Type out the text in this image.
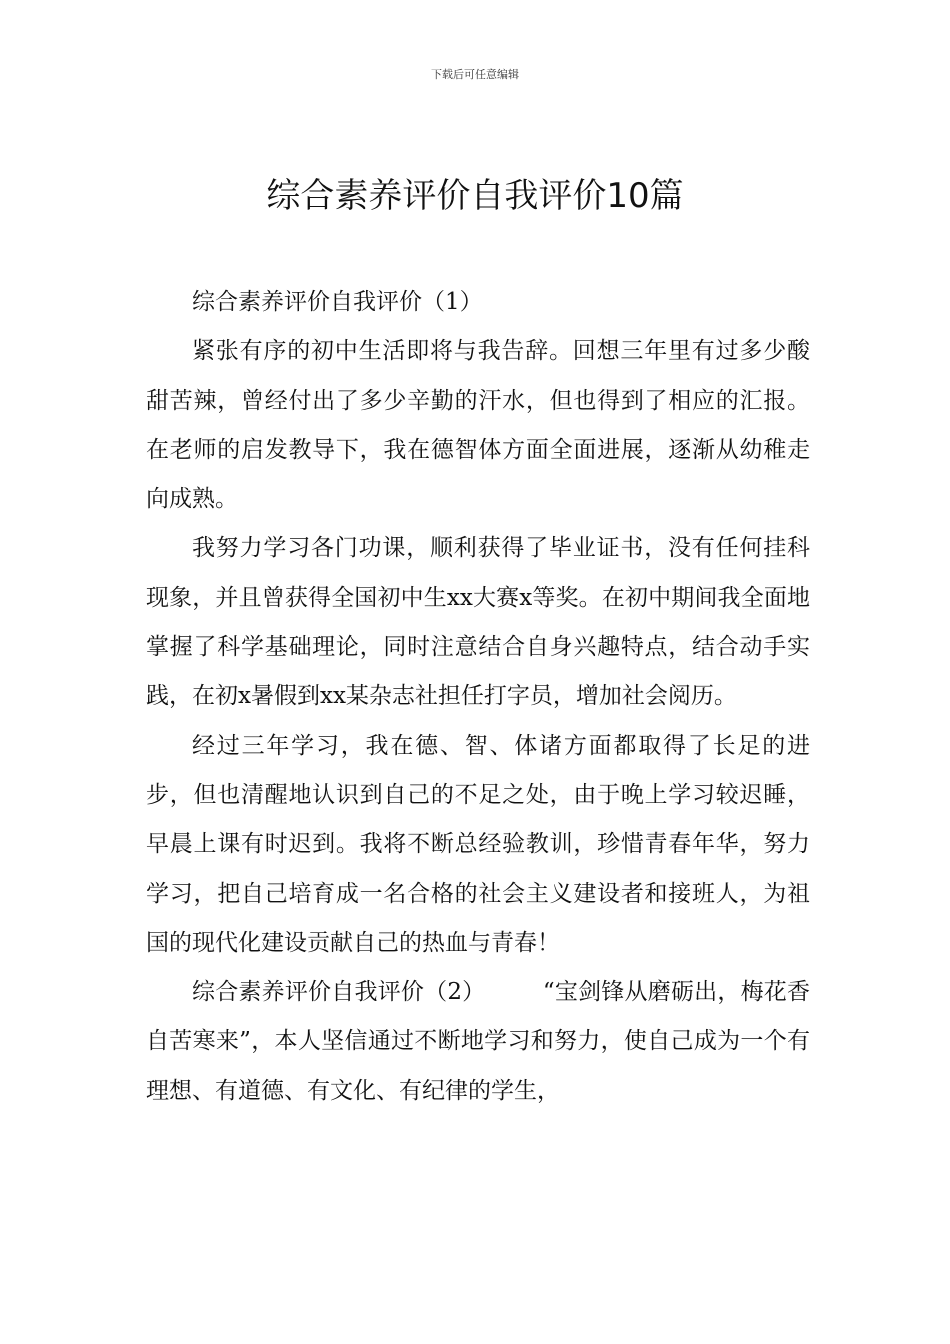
下载后可任意编辑
综合素养评价自我评价10篇

综合素养评价自我评价（1）

紧张有序的初中生活即将与我告辞。回想三年里有过多少酸甜苦辣，曾经付出了多少辛勤的汗水，但也得到了相应的汇报。在老师的启发教导下，我在德智体方面全面进展，逐渐从幼稚走向成熟。

我努力学习各门功课，顺利获得了毕业证书，没有任何挂科现象，并且曾获得全国初中生xx大赛x等奖。在初中期间我全面地掌握了科学基础理论，同时注意结合自身兴趣特点，结合动手实践，在初x暑假到xx某杂志社担任打字员，增加社会阅历。

经过三年学习，我在德、智、体诸方面都取得了长足的进步，但也清醒地认识到自己的不足之处，由于晚上学习较迟睡，早晨上课有时迟到。我将不断总经验教训，珍惜青春年华，努力学习，把自己培育成一名合格的社会主义建设者和接班人，为祖国的现代化建设贡献自己的热血与青春！

综合素养评价自我评价（2）	“宝剑锋从磨砺出，梅花香自苦寒来”，本人坚信通过不断地学习和努力，使自己成为一个有理想、有道德、有文化、有纪律的学生，
